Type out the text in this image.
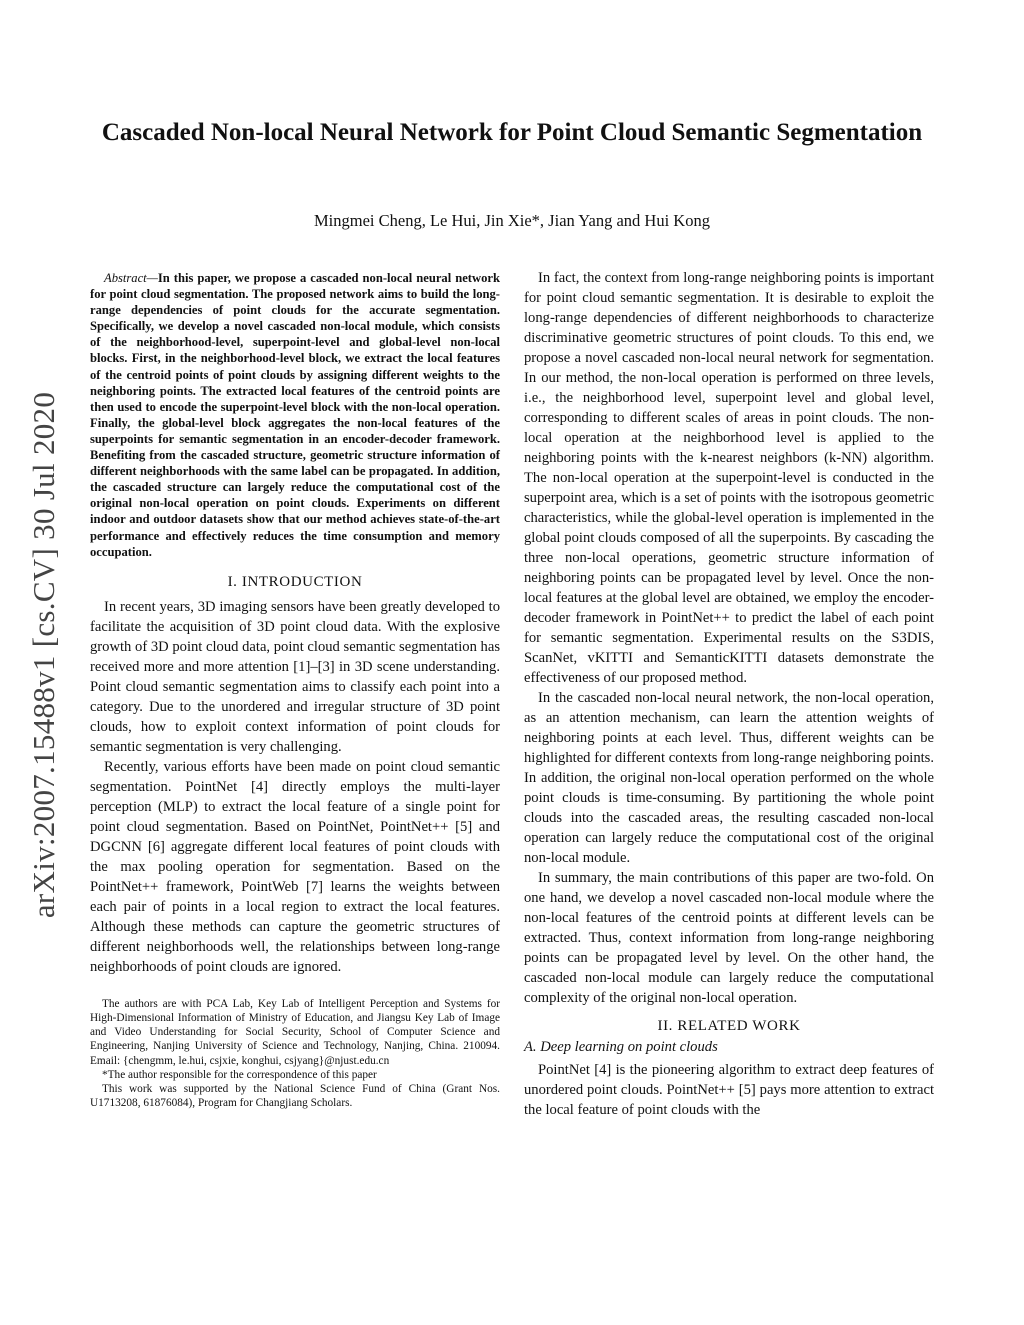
Cascaded Non-local Neural Network for Point Cloud Semantic Segmentation
Mingmei Cheng, Le Hui, Jin Xie*, Jian Yang and Hui Kong
arXiv:2007.15488v1 [cs.CV] 30 Jul 2020

Abstract—In this paper, we propose a cascaded non-local neural network for point cloud segmentation. The proposed network aims to build the long-range dependencies of point clouds for the accurate segmentation. Specifically, we develop a novel cascaded non-local module, which consists of the neighborhood-level, superpoint-level and global-level non-local blocks. First, in the neighborhood-level block, we extract the local features of the centroid points of point clouds by assigning different weights to the neighboring points. The extracted local features of the centroid points are then used to encode the superpoint-level block with the non-local operation. Finally, the global-level block aggregates the non-local features of the superpoints for semantic segmentation in an encoder-decoder framework. Benefiting from the cascaded structure, geometric structure information of different neighborhoods with the same label can be propagated. In addition, the cascaded structure can largely reduce the computational cost of the original non-local operation on point clouds. Experiments on different indoor and outdoor datasets show that our method achieves state-of-the-art performance and effectively reduces the time consumption and memory occupation.

I. INTRODUCTION

In recent years, 3D imaging sensors have been greatly developed to facilitate the acquisition of 3D point cloud data. With the explosive growth of 3D point cloud data, point cloud semantic segmentation has received more and more attention [1]–[3] in 3D scene understanding. Point cloud semantic segmentation aims to classify each point into a category. Due to the unordered and irregular structure of 3D point clouds, how to exploit context information of point clouds for semantic segmentation is very challenging.

Recently, various efforts have been made on point cloud semantic segmentation. PointNet [4] directly employs the multi-layer perception (MLP) to extract the local feature of a single point for point cloud segmentation. Based on PointNet, PointNet++ [5] and DGCNN [6] aggregate different local features of point clouds with the max pooling operation for segmentation. Based on the PointNet++ framework, PointWeb [7] learns the weights between each pair of points in a local region to extract the local features. Although these methods can capture the geometric structures of different neighborhoods well, the relationships between long-range neighborhoods of point clouds are ignored.

The authors are with PCA Lab, Key Lab of Intelligent Perception and Systems for High-Dimensional Information of Ministry of Education, and Jiangsu Key Lab of Image and Video Understanding for Social Security, School of Computer Science and Engineering, Nanjing University of Science and Technology, Nanjing, China. 210094. Email: {chengmm, le.hui, csjxie, konghui, csjyang}@njust.edu.cn

*The author responsible for the correspondence of this paper

This work was supported by the National Science Fund of China (Grant Nos. U1713208, 61876084), Program for Changjiang Scholars.

In fact, the context from long-range neighboring points is important for point cloud semantic segmentation. It is desirable to exploit the long-range dependencies of different neighborhoods to characterize discriminative geometric structures of point clouds. To this end, we propose a novel cascaded non-local neural network for segmentation. In our method, the non-local operation is performed on three levels, i.e., the neighborhood level, superpoint level and global level, corresponding to different scales of areas in point clouds. The non-local operation at the neighborhood level is applied to the neighboring points with the k-nearest neighbors (k-NN) algorithm. The non-local operation at the superpoint-level is conducted in the superpoint area, which is a set of points with the isotropous geometric characteristics, while the global-level operation is implemented in the global point clouds composed of all the superpoints. By cascading the three non-local operations, geometric structure information of neighboring points can be propagated level by level. Once the non-local features at the global level are obtained, we employ the encoder-decoder framework in PointNet++ to predict the label of each point for semantic segmentation. Experimental results on the S3DIS, ScanNet, vKITTI and SemanticKITTI datasets demonstrate the effectiveness of our proposed method.

In the cascaded non-local neural network, the non-local operation, as an attention mechanism, can learn the attention weights of neighboring points at each level. Thus, different weights can be highlighted for different contexts from long-range neighboring points. In addition, the original non-local operation performed on the whole point clouds is time-consuming. By partitioning the whole point clouds into the cascaded areas, the resulting cascaded non-local operation can largely reduce the computational cost of the original non-local module.

In summary, the main contributions of this paper are two-fold. On one hand, we develop a novel cascaded non-local module where the non-local features of the centroid points at different levels can be extracted. Thus, context information from long-range neighboring points can be propagated level by level. On the other hand, the cascaded non-local module can largely reduce the computational complexity of the original non-local operation.

II. RELATED WORK

A. Deep learning on point clouds

PointNet [4] is the pioneering algorithm to extract deep features of unordered point clouds. PointNet++ [5] pays more attention to extract the local feature of point clouds with the
